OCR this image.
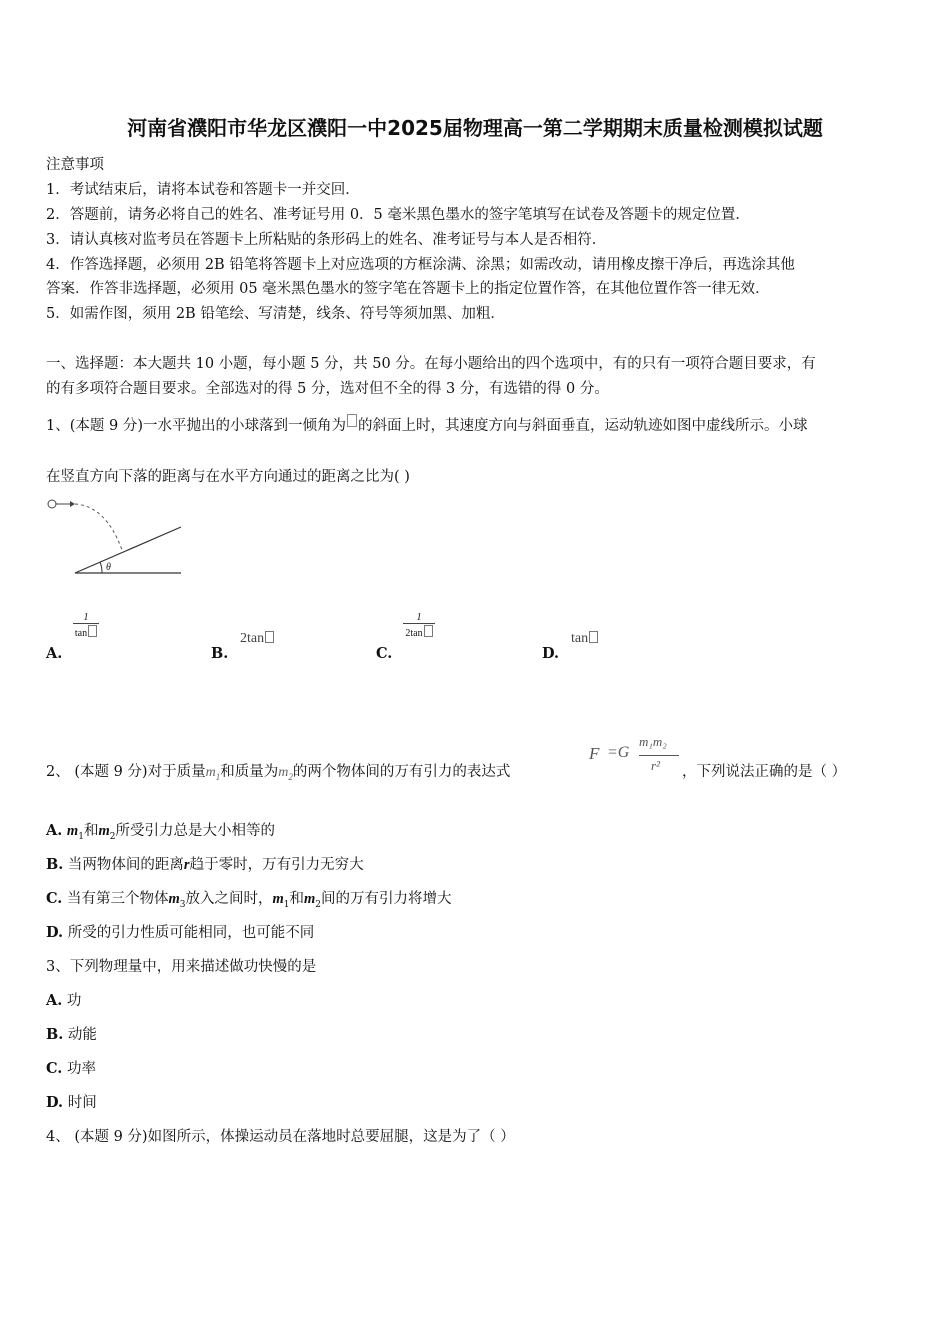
河南省濮阳市华龙区濮阳一中2025届物理高一第二学期期末质量检测模拟试题
注意事项
1．考试结束后，请将本试卷和答题卡一并交回．
2．答题前，请务必将自己的姓名、准考证号用 0．5 毫米黑色墨水的签字笔填写在试卷及答题卡的规定位置．
3．请认真核对监考员在答题卡上所粘贴的条形码上的姓名、准考证号与本人是否相符．
4．作答选择题，必须用 2B 铅笔将答题卡上对应选项的方框涂满、涂黑；如需改动，请用橡皮擦干净后，再选涂其他
答案．作答非选择题，必须用 05 毫米黑色墨水的签字笔在答题卡上的指定位置作答，在其他位置作答一律无效．
5．如需作图，须用 2B 铅笔绘、写清楚，线条、符号等须加黑、加粗．
一、选择题：本大题共 10 小题，每小题 5 分，共 50 分。在每小题给出的四个选项中，有的只有一项符合题目要求，有
的有多项符合题目要求。全部选对的得 5 分，选对但不全的得 3 分，有选错的得 0 分。
1、(本题 9 分)一水平抛出的小球落到一倾角为 的斜面上时，其速度方向与斜面垂直，运动轨迹如图中虚线所示。小球
在竖直方向下落的距离与在水平方向通过的距离之比为( )
θ
A.
$\frac{1}{\tan}$
B.
2tan
C.
$\frac{1}{2\tan}$
D.
tan
2、 (本题 9 分)对于质量$m_1$和质量为$m_2$的两个物体间的万有引力的表达式
F =G
m₁m₂
r² ，下列说法正确的是（ ）
A. $m_1$和$m_2$所受引力总是大小相等的
B. 当两物体间的距离r趋于零时，万有引力无穷大
C. 当有第三个物体$m_3$放入之间时，$m_1$和$m_2$间的万有引力将增大
D. 所受的引力性质可能相同，也可能不同
3、下列物理量中，用来描述做功快慢的是
A. 功
B. 动能
C. 功率
D. 时间
4、 (本题 9 分)如图所示，体操运动员在落地时总要屈腿，这是为了（ ）
